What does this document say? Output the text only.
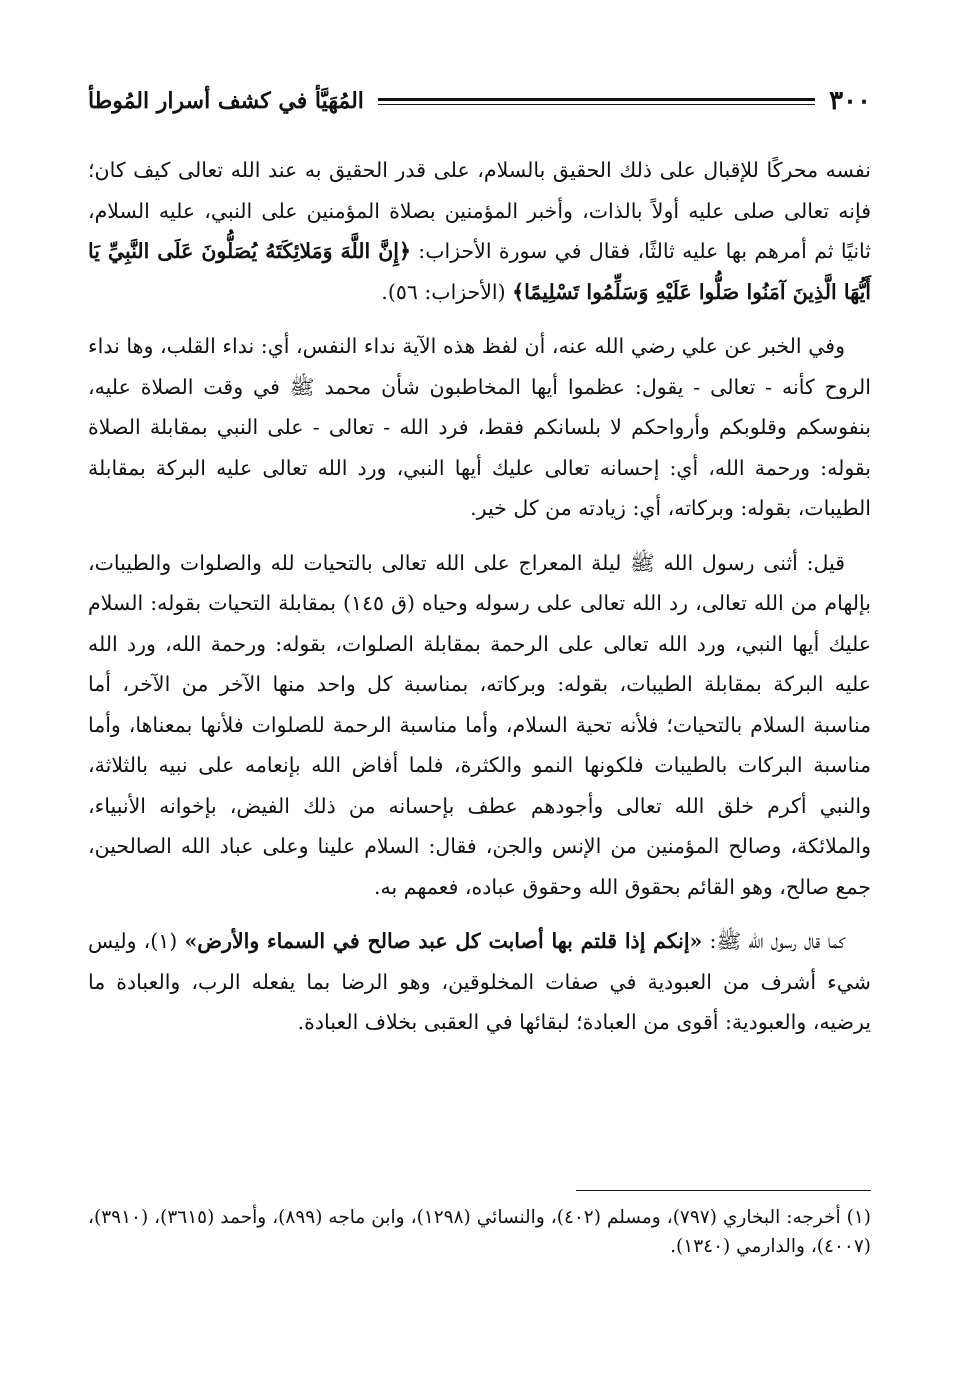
٣٠٠
المُهَيَّأ في كشف أسرار المُوطأ

نفسه محركًا للإقبال على ذلك الحقيق بالسلام، على قدر الحقيق به عند الله تعالى كيف كان؛ فإنه تعالى صلى عليه أولاً بالذات، وأخبر المؤمنين بصلاة المؤمنين على النبي، عليه السلام، ثانيًا ثم أمرهم بها عليه ثالثًا، فقال في سورة الأحزاب: ﴿إِنَّ اللَّهَ وَمَلائِكَتَهُ يُصَلُّونَ عَلَى النَّبِيِّ يَا أَيُّهَا الَّذِينَ آمَنُوا صَلُّوا عَلَيْهِ وَسَلِّمُوا تَسْلِيمًا﴾ (الأحزاب: ٥٦).

وفي الخبر عن علي رضي الله عنه، أن لفظ هذه الآية نداء النفس، أي: نداء القلب، وها نداء الروح كأنه - تعالى - يقول: عظموا أيها المخاطبون شأن محمد ﷺ في وقت الصلاة عليه، بنفوسكم وقلوبكم وأرواحكم لا بلسانكم فقط، فرد الله - تعالى - على النبي بمقابلة الصلاة بقوله: ورحمة الله، أي: إحسانه تعالى عليك أيها النبي، ورد الله تعالى عليه البركة بمقابلة الطيبات، بقوله: وبركاته، أي: زيادته من كل خير.

قيل: أثنى رسول الله ﷺ ليلة المعراج على الله تعالى بالتحيات لله والصلوات والطيبات، بإلهام من الله تعالى، رد الله تعالى على رسوله وحياه (ق ١٤٥) بمقابلة التحيات بقوله: السلام عليك أيها النبي، ورد الله تعالى على الرحمة بمقابلة الصلوات، بقوله: ورحمة الله، ورد الله عليه البركة بمقابلة الطيبات، بقوله: وبركاته، بمناسبة كل واحد منها الآخر من الآخر، أما مناسبة السلام بالتحيات؛ فلأنه تحية السلام، وأما مناسبة الرحمة للصلوات فلأنها بمعناها، وأما مناسبة البركات بالطيبات فلكونها النمو والكثرة، فلما أفاض الله بإنعامه على نبيه بالثلاثة، والنبي أكرم خلق الله تعالى وأجودهم عطف بإحسانه من ذلك الفيض، بإخوانه الأنبياء، والملائكة، وصالح المؤمنين من الإنس والجن، فقال: السلام علينا وعلى عباد الله الصالحين، جمع صالح، وهو القائم بحقوق الله وحقوق عباده، فعمهم به.

كما قال رسول الله ﷺ: «إنكم إذا قلتم بها أصابت كل عبد صالح في السماء والأرض» (١)، وليس شيء أشرف من العبودية في صفات المخلوقين، وهو الرضا بما يفعله الرب، والعبادة ما يرضيه، والعبودية: أقوى من العبادة؛ لبقائها في العقبى بخلاف العبادة.

(١) أخرجه: البخاري (٧٩٧)، ومسلم (٤٠٢)، والنسائي (١٢٩٨)، وابن ماجه (٨٩٩)، وأحمد (٣٦١٥)، (٣٩١٠)، (٤٠٠٧)، والدارمي (١٣٤٠).
